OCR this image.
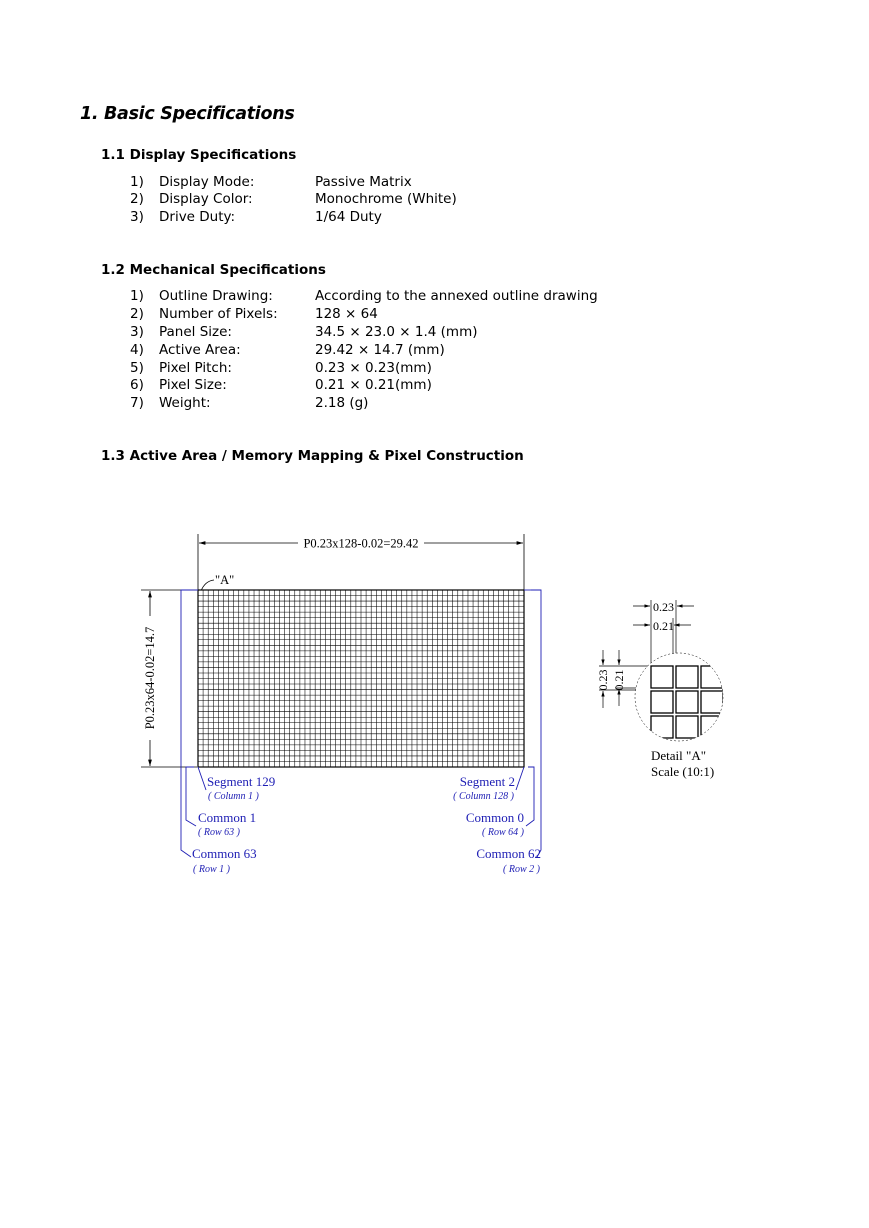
1. Basic Specifications
1.1 Display Specifications
1) Display Mode:	Passive Matrix
2) Display Color:	Monochrome (White)
3) Drive Duty:	1/64 Duty
1.2 Mechanical Specifications
1) Outline Drawing:	According to the annexed outline drawing
2) Number of Pixels:	128 × 64
3) Panel Size:	34.5 × 23.0 × 1.4 (mm)
4) Active Area:	29.42 × 14.7 (mm)
5) Pixel Pitch:	0.23 × 0.23(mm)
6) Pixel Size:	0.21 × 0.21(mm)
7) Weight:	2.18 (g)
1.3 Active Area / Memory Mapping & Pixel Construction
P0.23x128-0.02=29.42
P0.23x64-0.02=14.7
"A"
Segment 129
( Column 1 )
Segment 2
( Column 128 )
Common 1
( Row 63 )
Common 0
( Row 64 )
Common 63
( Row 1 )
Common 62
( Row 2 )
0.23
0.21
0.23 0.21
Detail "A"
Scale (10:1)
